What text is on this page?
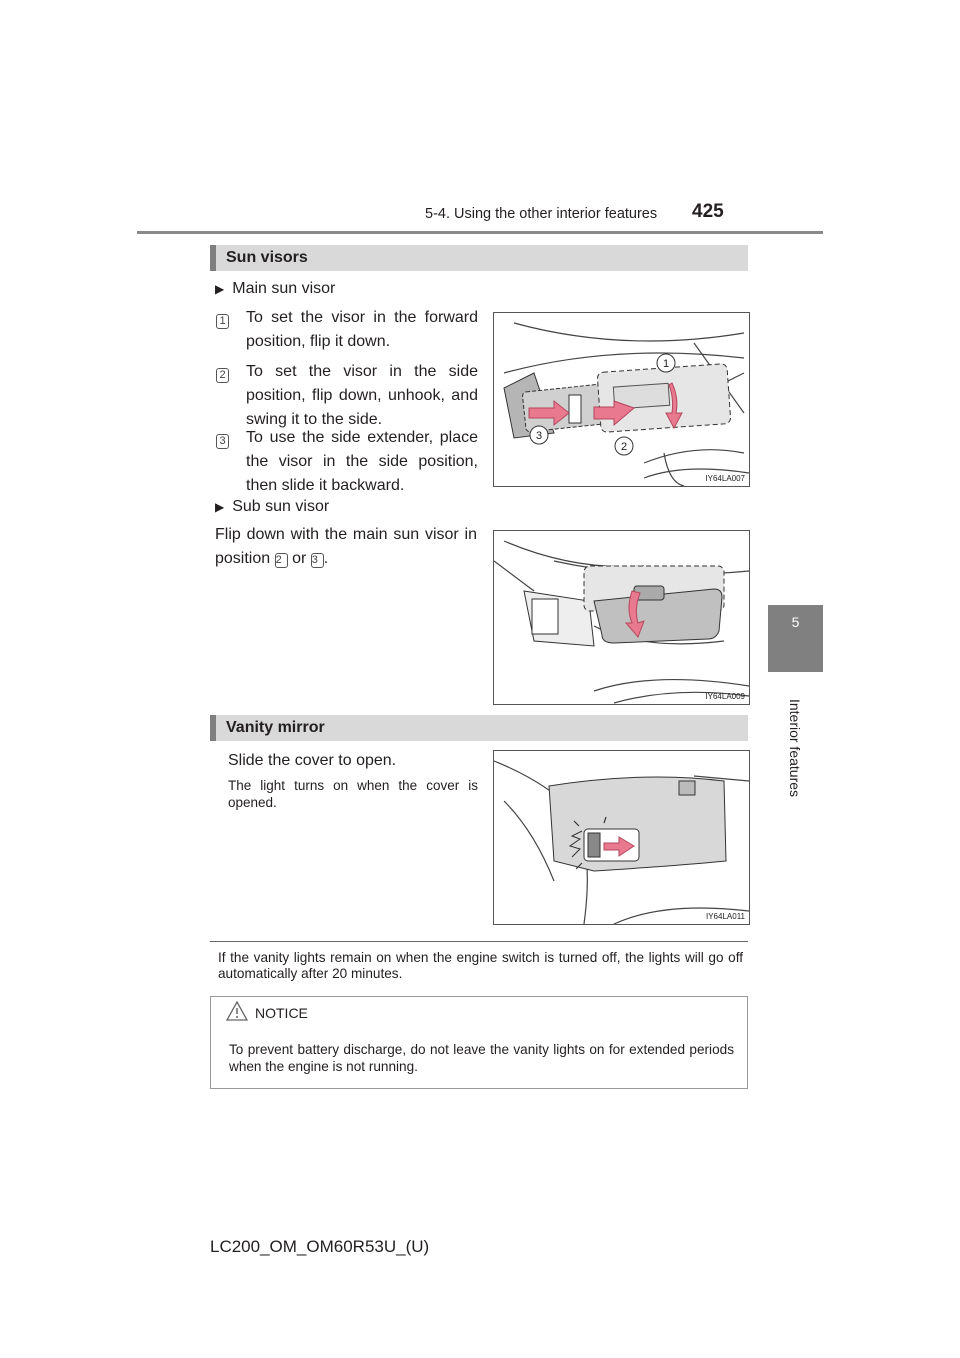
5-4. Using the other interior features 425
5
Interior features
Sun visors
▶ Main sun visor
1 To set the visor in the forward position, flip it down.
2 To set the visor in the side position, flip down, unhook, and swing it to the side.
3 To use the side extender, place the visor in the side position, then slide it backward.
3
2
1
IY64LA007
▶ Sub sun visor
Flip down with the main sun visor in position 2 or 3 .
IY64LA009
Vanity mirror
Slide the cover to open.
The light turns on when the cover is opened.
IY64LA011
If the vanity lights remain on when the engine switch is turned off, the lights will go off automatically after 20 minutes.
NOTICE
To prevent battery discharge, do not leave the vanity lights on for extended periods when the engine is not running.
LC200_OM_OM60R53U_(U)
